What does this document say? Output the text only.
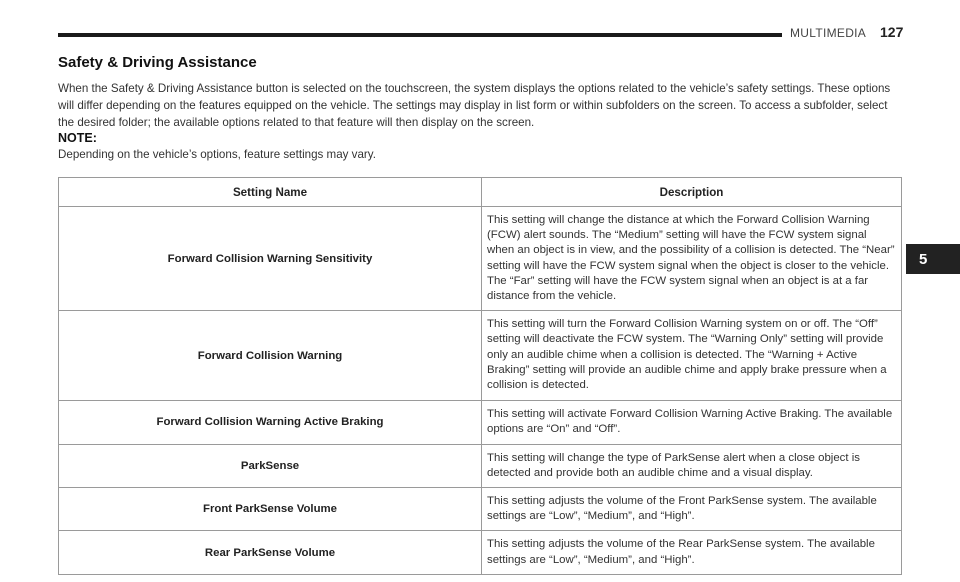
MULTIMEDIA 127
5
Safety & Driving Assistance

When the Safety & Driving Assistance button is selected on the touchscreen, the system displays the options related to the vehicle’s safety settings. These options will differ depending on the features equipped on the vehicle. The settings may display in list form or within subfolders on the screen. To access a subfolder, select the desired folder; the available options related to that feature will then display on the screen.

NOTE:
Depending on the vehicle’s options, feature settings may vary.
Setting Name	Description
Forward Collision Warning Sensitivity	This setting will change the distance at which the Forward Collision Warning (FCW) alert sounds. The “Medium” setting will have the FCW system signal when an object is in view, and the possibility of a collision is detected. The “Near” setting will have the FCW system signal when the object is closer to the vehicle. The “Far” setting will have the FCW system signal when an object is at a far distance from the vehicle.
Forward Collision Warning	This setting will turn the Forward Collision Warning system on or off. The “Off” setting will deactivate the FCW system. The “Warning Only” setting will provide only an audible chime when a collision is detected. The “Warning + Active Braking” setting will provide an audible chime and apply brake pressure when a collision is detected.
Forward Collision Warning Active Braking	This setting will activate Forward Collision Warning Active Braking. The available options are “On” and “Off”.
ParkSense	This setting will change the type of ParkSense alert when a close object is detected and provide both an audible chime and a visual display.
Front ParkSense Volume	This setting adjusts the volume of the Front ParkSense system. The available settings are “Low”, “Medium”, and “High”.
Rear ParkSense Volume	This setting adjusts the volume of the Rear ParkSense system. The available settings are “Low”, “Medium”, and “High”.
